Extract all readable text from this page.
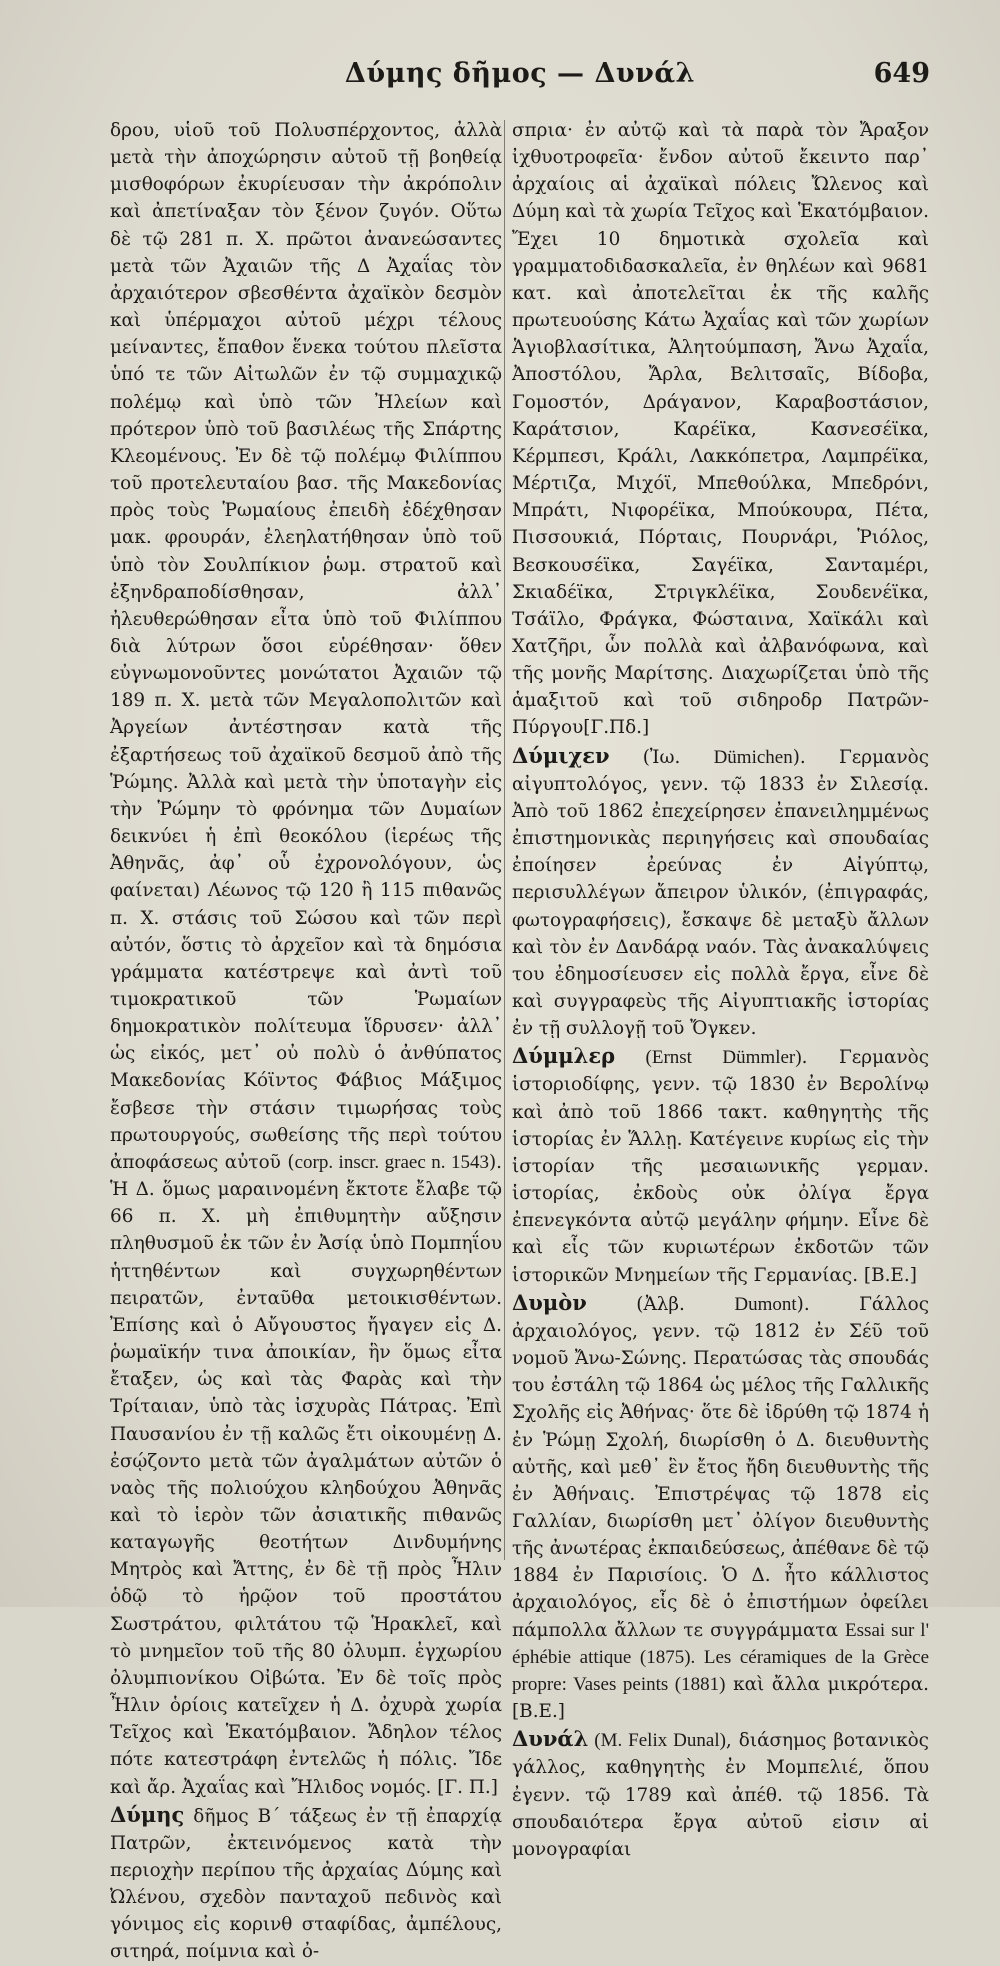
Δύμης δῆμος — Δυνάλ	649

δρου, υἱοῦ τοῦ Πολυσπέρχοντος, ἀλλὰ μετὰ τὴν ἀποχώρησιν αὐτοῦ τῇ βοηθείᾳ μισθοφόρων ἐκυρίευσαν τὴν ἀκρόπολιν καὶ ἀπετίναξαν τὸν ξένον ζυγόν. Οὕτω δὲ τῷ 281 π. Χ. πρῶτοι ἀνανεώσαντες μετὰ τῶν Ἀχαιῶν τῆς Δ Ἀχαΐας τὸν ἀρχαιότερον σβεσθέντα ἀχαϊκὸν δεσμὸν καὶ ὑπέρμαχοι αὐτοῦ μέχρι τέλους μείναντες, ἔπαθον ἕνεκα τούτου πλεῖστα ὑπό τε τῶν Αἰτωλῶν ἐν τῷ συμμαχικῷ πολέμῳ καὶ ὑπὸ τῶν Ἠλείων καὶ πρότερον ὑπὸ τοῦ βασιλέως τῆς Σπάρτης Κλεομένους. Ἐν δὲ τῷ πολέμῳ Φιλίππου τοῦ προτελευταίου βασ. τῆς Μακεδονίας πρὸς τοὺς Ῥωμαίους ἐπειδὴ ἐδέχθησαν μακ. φρουράν, ἐλεηλατήθησαν ὑπὸ τοῦ ὑπὸ τὸν Σουλπίκιον ῥωμ. στρατοῦ καὶ ἐξηνδραποδίσθησαν, ἀλλ᾿ ἠλευθερώθησαν εἶτα ὑπὸ τοῦ Φιλίππου διὰ λύτρων ὅσοι εὑρέθησαν· ὅθεν εὐγνωμονοῦντες μονώτατοι Ἀχαιῶν τῷ 189 π. Χ. μετὰ τῶν Μεγαλοπολιτῶν καὶ Ἀργείων ἀντέστησαν κατὰ τῆς ἐξαρτήσεως τοῦ ἀχαϊκοῦ δεσμοῦ ἀπὸ τῆς Ῥώμης. Ἀλλὰ καὶ μετὰ τὴν ὑποταγὴν εἰς τὴν Ῥώμην τὸ φρόνημα τῶν Δυμαίων δεικνύει ἡ ἐπὶ θεοκόλου (ἱερέως τῆς Ἀθηνᾶς, ἀφ᾿ οὗ ἐχρονολόγουν, ὡς φαίνεται) Λέωνος τῷ 120 ἢ 115 πιθανῶς π. Χ. στάσις τοῦ Σώσου καὶ τῶν περὶ αὐτόν, ὅστις τὸ ἀρχεῖον καὶ τὰ δημόσια γράμματα κατέστρεψε καὶ ἀντὶ τοῦ τιμοκρατικοῦ τῶν Ῥωμαίων δημοκρατικὸν πολίτευμα ἵδρυσεν· ἀλλ᾿ ὡς εἰκός, μετ᾿ οὐ πολὺ ὁ ἀνθύπατος Μακεδονίας Κόϊντος Φάβιος Μάξιμος ἔσβεσε τὴν στάσιν τιμωρήσας τοὺς πρωτουργούς, σωθείσης τῆς περὶ τούτου ἀποφάσεως αὐτοῦ (corp. inscr. graec n. 1543). Ἡ Δ. ὅμως μαραινομένη ἔκτοτε ἔλαβε τῷ 66 π. Χ. μὴ ἐπιθυμητὴν αὔξησιν πληθυσμοῦ ἐκ τῶν ἐν Ἀσίᾳ ὑπὸ Πομπηΐου ἡττηθέντων καὶ συγχωρηθέντων πειρατῶν, ἐνταῦθα μετοικισθέντων. Ἐπίσης καὶ ὁ Αὔγουστος ἤγαγεν εἰς Δ. ῥωμαϊκήν τινα ἀποικίαν, ἣν ὅμως εἶτα ἔταξεν, ὡς καὶ τὰς Φαρὰς καὶ τὴν Τρίταιαν, ὑπὸ τὰς ἰσχυρὰς Πάτρας. Ἐπὶ Παυσανίου ἐν τῇ καλῶς ἔτι οἰκουμένῃ Δ. ἐσῴζοντο μετὰ τῶν ἀγαλμάτων αὐτῶν ὁ ναὸς τῆς πολιούχου κληδούχου Ἀθηνᾶς καὶ τὸ ἱερὸν τῶν ἀσιατικῆς πιθανῶς καταγωγῆς θεοτήτων Δινδυμήνης Μητρὸς καὶ Ἄττης, ἐν δὲ τῇ πρὸς Ἦλιν ὁδῷ τὸ ἡρῷον τοῦ προστάτου Σωστράτου, φιλτάτου τῷ Ἡρακλεῖ, καὶ τὸ μνημεῖον τοῦ τῆς 80 ὀλυμπ. ἐγχωρίου ὀλυμπιονίκου Οἰβώτα. Ἐν δὲ τοῖς πρὸς Ἦλιν ὁρίοις κατεῖχεν ἡ Δ. ὀχυρὰ χωρία Τεῖχος καὶ Ἑκατόμβαιον. Ἄδηλον τέλος πότε κατεστράφη ἐντελῶς ἡ πόλις. Ἴδε καὶ ἄρ. Ἀχαΐας καὶ Ἤλιδος νομός. [Γ. Π.]

Δύμης δῆμος Β´ τάξεως ἐν τῇ ἐπαρχίᾳ Πατρῶν, ἐκτεινόμενος κατὰ τὴν περιοχὴν περίπου τῆς ἀρχαίας Δύμης καὶ Ὠλένου, σχεδὸν πανταχοῦ πεδινὸς καὶ γόνιμος εἰς κορινθ σταφίδας, ἀμπέλους, σιτηρά, ποίμνια καὶ ὀ-

σπρια· ἐν αὐτῷ καὶ τὰ παρὰ τὸν Ἄραξον ἰχθυοτροφεῖα· ἔνδον αὐτοῦ ἔκειντο παρ᾿ ἀρχαίοις αἱ ἀχαϊκαὶ πόλεις Ὤλενος καὶ Δύμη καὶ τὰ χωρία Τεῖχος καὶ Ἑκατόμβαιον. Ἔχει 10 δημοτικὰ σχολεῖα καὶ γραμματοδιδασκαλεῖα, ἐν θηλέων καὶ 9681 κατ. καὶ ἀποτελεῖται ἐκ τῆς καλῆς πρωτευούσης Κάτω Ἀχαΐας καὶ τῶν χωρίων Ἁγιοβλασίτικα, Ἀλητούμπαση, Ἄνω Ἀχαΐα, Ἀποστόλου, Ἄρλα, Βελιτσαῖς, Βίδοβα, Γομοστόν, Δράγανον, Καραβοστάσιον, Καράτσιον, Καρέϊκα, Κασνεσέϊκα, Κέρμπεσι, Κράλι, Λακκόπετρα, Λαμπρέϊκα, Μέρτιζα, Μιχόϊ, Μπεθούλκα, Μπεδρόνι, Μπράτι, Νιφορέϊκα, Μπούκουρα, Πέτα, Πισσουκιά, Πόρταις, Πουρνάρι, Ῥιόλος, Βεσκουσέϊκα, Σαγέϊκα, Σανταμέρι, Σκιαδέϊκα, Στριγκλέϊκα, Σουδενέϊκα, Τσάϊλο, Φράγκα, Φώσταινα, Χαϊκάλι καὶ Χατζῆρι, ὧν πολλὰ καὶ ἀλβανόφωνα, καὶ τῆς μονῆς Μαρίτσης. Διαχωρίζεται ὑπὸ τῆς ἁμαξιτοῦ καὶ τοῦ σιδηροδρ Πατρῶν-Πύργου[Γ.Πδ.]

Δύμιχεν (Ἰω. Dümichen). Γερμανὸς αἰγυπτολόγος, γενν. τῷ 1833 ἐν Σιλεσίᾳ. Ἀπὸ τοῦ 1862 ἐπεχείρησεν ἐπανειλημμένως ἐπιστημονικὰς περιηγήσεις καὶ σπουδαίας ἐποίησεν ἐρεύνας ἐν Αἰγύπτῳ, περισυλλέγων ἄπειρον ὑλικόν, (ἐπιγραφάς, φωτογραφήσεις), ἔσκαψε δὲ μεταξὺ ἄλλων καὶ τὸν ἐν Δανδάρᾳ ναόν. Τὰς ἀνακαλύψεις του ἐδημοσίευσεν εἰς πολλὰ ἔργα, εἶνε δὲ καὶ συγγραφεὺς τῆς Αἰγυπτιακῆς ἱστορίας ἐν τῇ συλλογῇ τοῦ Ὄγκεν.

Δύμμλερ (Ernst Dümmler). Γερμανὸς ἱστοριοδίφης, γενν. τῷ 1830 ἐν Βερολίνῳ καὶ ἀπὸ τοῦ 1866 τακτ. καθηγητὴς τῆς ἱστορίας ἐν Ἅλλῃ. Κατέγεινε κυρίως εἰς τὴν ἱστορίαν τῆς μεσαιωνικῆς γερμαν. ἱστορίας, ἐκδοὺς οὐκ ὀλίγα ἔργα ἐπενεγκόντα αὐτῷ μεγάλην φήμην. Εἶνε δὲ καὶ εἷς τῶν κυριωτέρων ἐκδοτῶν τῶν ἱστορικῶν Μνημείων τῆς Γερμανίας. [Β.Ε.]

Δυμὸν (Ἀλβ. Dumont). Γάλλος ἀρχαιολόγος, γενν. τῷ 1812 ἐν Σέῦ τοῦ νομοῦ Ἄνω-Σώνης. Περατώσας τὰς σπουδάς του ἐστάλη τῷ 1864 ὡς μέλος τῆς Γαλλικῆς Σχολῆς εἰς Ἀθήνας· ὅτε δὲ ἱδρύθη τῷ 1874 ἡ ἐν Ῥώμῃ Σχολή, διωρίσθη ὁ Δ. διευθυντὴς αὐτῆς, καὶ μεθ᾿ ἓν ἔτος ἤδη διευθυντὴς τῆς ἐν Ἀθήναις. Ἐπιστρέψας τῷ 1878 εἰς Γαλλίαν, διωρίσθη μετ᾿ ὀλίγον διευθυντὴς τῆς ἀνωτέρας ἐκπαιδεύσεως, ἀπέθανε δὲ τῷ 1884 ἐν Παρισίοις. Ὁ Δ. ἦτο κάλλιστος ἀρχαιολόγος, εἷς δὲ ὁ ἐπιστήμων ὀφείλει πάμπολλα ἄλλων τε συγγράμματα Essai sur l' éphébie attique (1875). Les céramiques de la Grèce propre: Vases peints (1881) καὶ ἄλλα μικρότερα. [Β.Ε.]

Δυνάλ (M. Felix Dunal), διάσημος βοτανικὸς γάλλος, καθηγητὴς ἐν Μομπελιέ, ὅπου ἐγενν. τῷ 1789 καὶ ἀπέθ. τῷ 1856. Τὰ σπουδαιότερα ἔργα αὐτοῦ εἰσιν αἱ μονογραφίαι
